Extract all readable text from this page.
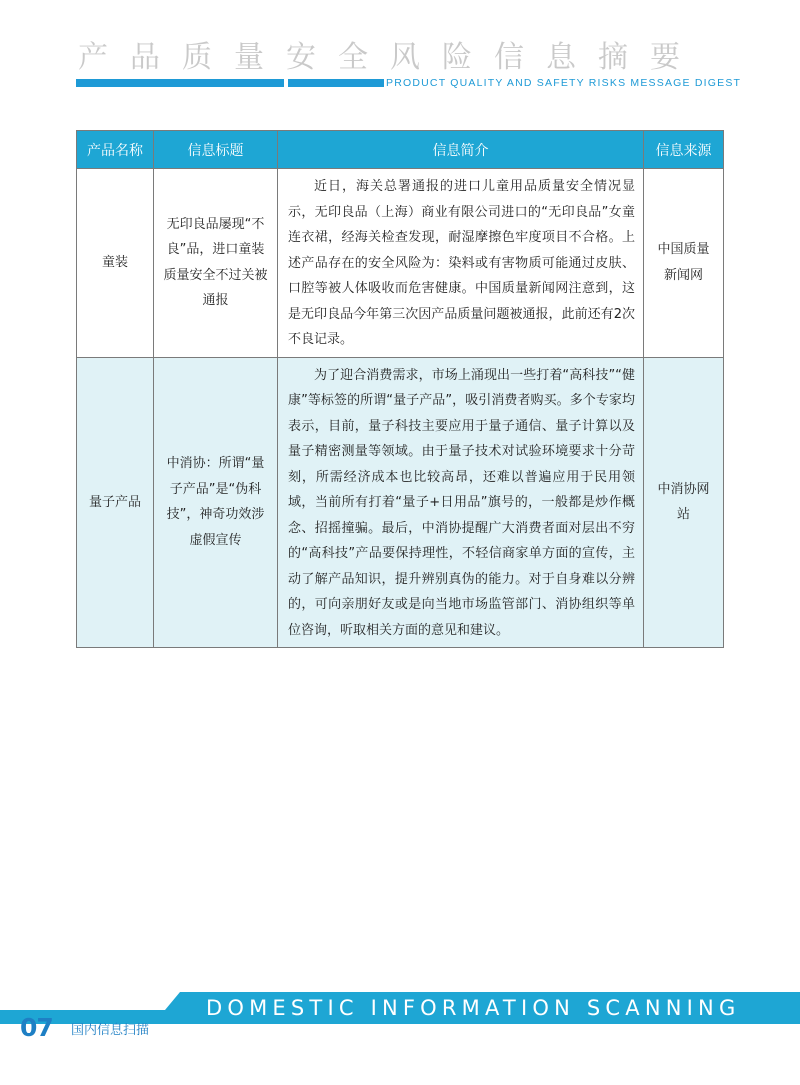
产品质量安全风险信息摘要
PRODUCT QUALITY AND SAFETY RISKS MESSAGE DIGEST
产品名称	信息标题	信息简介	信息来源
童装	无印良品屡现“不良”品，进口童装质量安全不过关被通报	近日，海关总署通报的进口儿童用品质量安全情况显示，无印良品（上海）商业有限公司进口的“无印良品”女童连衣裙，经海关检查发现，耐湿摩擦色牢度项目不合格。上述产品存在的安全风险为：染料或有害物质可能通过皮肤、口腔等被人体吸收而危害健康。中国质量新闻网注意到，这是无印良品今年第三次因产品质量问题被通报，此前还有2次不良记录。	中国质量新闻网
量子产品	中消协：所谓“量子产品”是“伪科技”，神奇功效涉虚假宣传	为了迎合消费需求，市场上涌现出一些打着“高科技”“健康”等标签的所谓“量子产品”，吸引消费者购买。多个专家均表示，目前，量子科技主要应用于量子通信、量子计算以及量子精密测量等领域。由于量子技术对试验环境要求十分苛刻，所需经济成本也比较高昂，还难以普遍应用于民用领域，当前所有打着“量子+日用品”旗号的，一般都是炒作概念、招摇撞骗。最后，中消协提醒广大消费者面对层出不穷的“高科技”产品要保持理性，不轻信商家单方面的宣传，主动了解产品知识，提升辨别真伪的能力。对于自身难以分辨的，可向亲朋好友或是向当地市场监管部门、消协组织等单位咨询，听取相关方面的意见和建议。	中消协网站
DOMESTIC INFORMATION SCANNING
07 国内信息扫描
